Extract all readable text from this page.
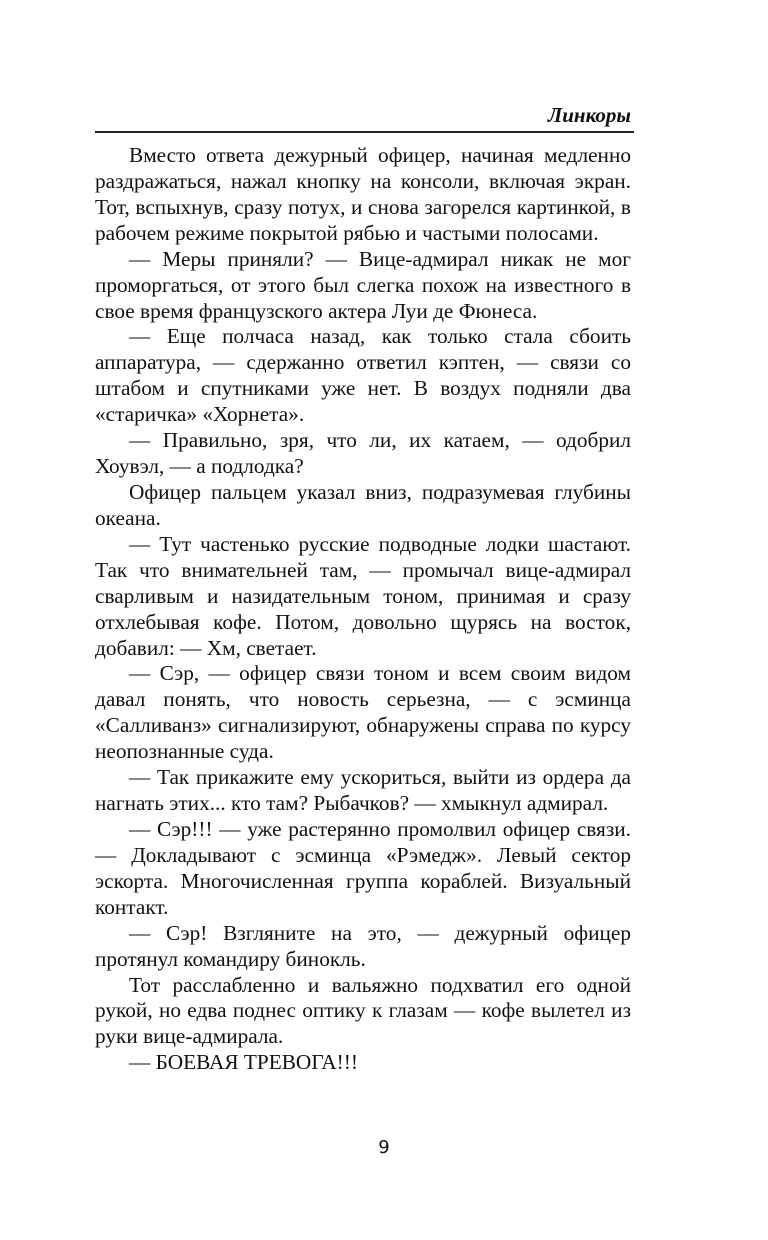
Линкоры

Вместо ответа дежурный офицер, начиная медленно раздражаться, нажал кнопку на консоли, включая экран. Тот, вспыхнув, сразу потух, и снова загорелся картинкой, в рабочем режиме покрытой рябью и частыми полосами.

— Меры приняли? — Вице-адмирал никак не мог проморгаться, от этого был слегка похож на известного в свое время французского актера Луи де Фюнеса.

— Еще полчаса назад, как только стала сбоить аппаратура, — сдержанно ответил кэптен, — связи со штабом и спутниками уже нет. В воздух подняли два «старичка» «Хорнета».

— Правильно, зря, что ли, их катаем, — одобрил Хоувэл, — а подлодка?

Офицер пальцем указал вниз, подразумевая глубины океана.

— Тут частенько русские подводные лодки шастают. Так что внимательней там, — промычал вице-адмирал сварливым и назидательным тоном, принимая и сразу отхлебывая кофе. Потом, довольно щурясь на восток, добавил: — Хм, светает.

— Сэр, — офицер связи тоном и всем своим видом давал понять, что новость серьезна, — с эсминца «Салливанз» сигнализируют, обнаружены справа по курсу неопознанные суда.

— Так прикажите ему ускориться, выйти из ордера да нагнать этих... кто там? Рыбачков? — хмыкнул адмирал.

— Сэр!!! — уже растерянно промолвил офицер связи. — Докладывают с эсминца «Рэмедж». Левый сектор эскорта. Многочисленная группа кораблей. Визуальный контакт.

— Сэр! Взгляните на это, — дежурный офицер протянул командиру бинокль.

Тот расслабленно и вальяжно подхватил его одной рукой, но едва поднес оптику к глазам — кофе вылетел из руки вице-адмирала.

— БОЕВАЯ ТРЕВОГА!!!

9
